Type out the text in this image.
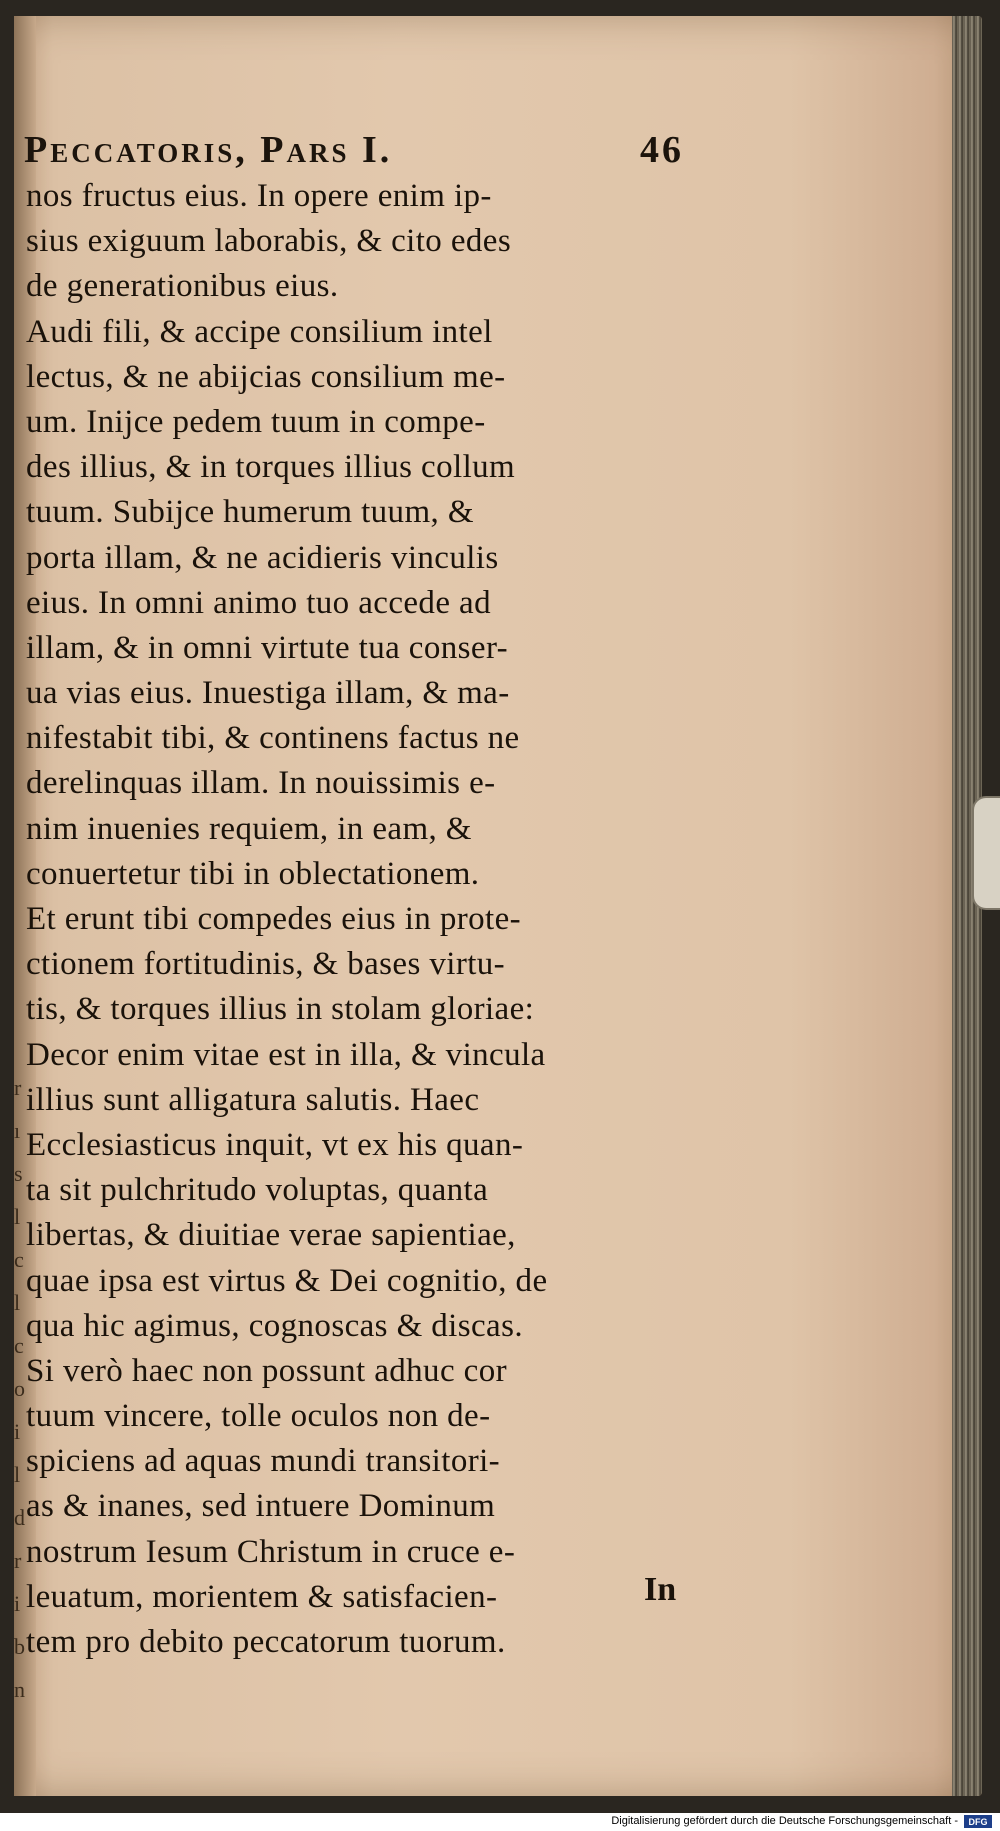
Peccatoris, Pars I.	46
nos fructus eius. In opere enim ip-
sius exiguum laborabis, & cito edes
de generationibus eius.
Audi fili, & accipe consilium intel
lectus, & ne abijcias consilium me-
um. Inijce pedem tuum in compe-
des illius, & in torques illius collum
tuum. Subijce humerum tuum, &
porta illam, & ne acidieris vinculis
eius. In omni animo tuo accede ad
illam, & in omni virtute tua conser-
ua vias eius. Inuestiga illam, & ma-
nifestabit tibi, & continens factus ne
derelinquas illam. In nouissimis e-
nim inuenies requiem, in eam, &
conuertetur tibi in oblectationem.
Et erunt tibi compedes eius in prote-
ctionem fortitudinis, & bases virtu-
tis, & torques illius in stolam gloriae:
Decor enim vitae est in illa, & vincula
illius sunt alligatura salutis. Haec
Ecclesiasticus inquit, vt ex his quan-
ta sit pulchritudo voluptas, quanta
libertas, & diuitiae verae sapientiae,
quae ipsa est virtus & Dei cognitio, de
qua hic agimus, cognoscas & discas.
Si verò haec non possunt adhuc cor
tuum vincere, tolle oculos non de-
spiciens ad aquas mundi transitori-
as & inanes, sed intuere Dominum
nostrum Iesum Christum in cruce e-
leuatum, morientem & satisfacien-
tem pro debito peccatorum tuorum.
In
r
ı
s
l
c
l
c
o
i
l
d
r
i
b
n
Digitalisierung gefördert durch die Deutsche Forschungsgemeinschaft -	DFG
